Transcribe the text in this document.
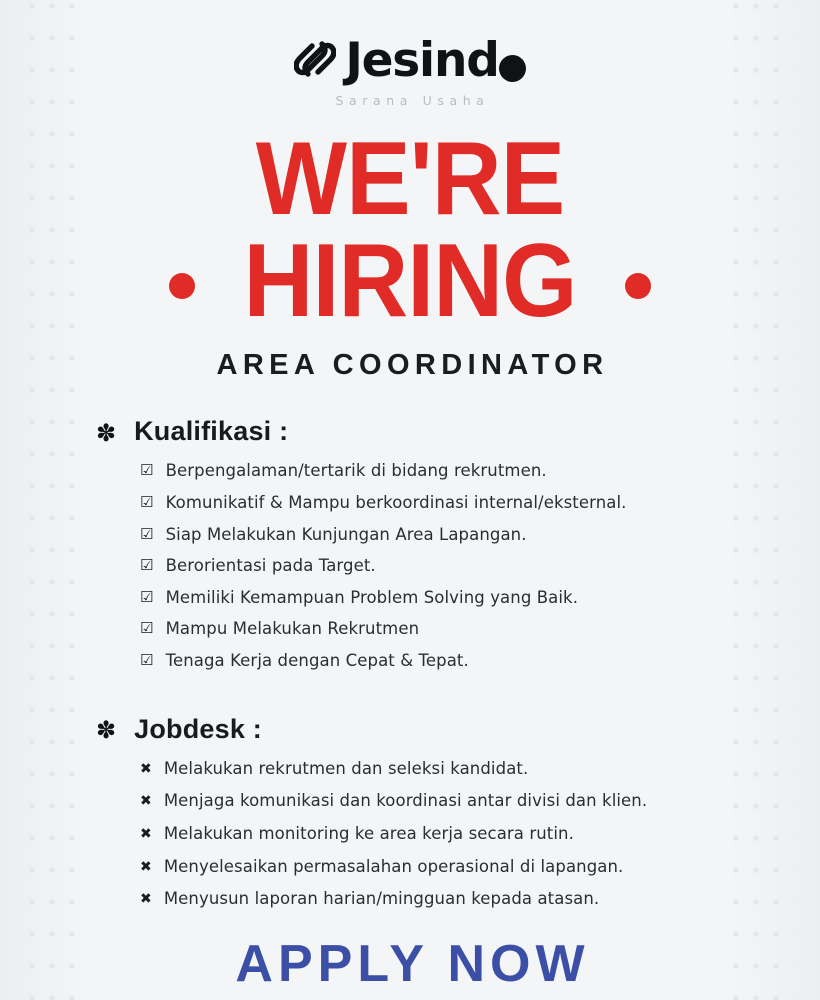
Jesind
Sarana Usaha
WE'RE
HIRING
AREA COORDINATOR
✽ Kualifikasi :
☑ Berpengalaman/tertarik di bidang rekrutmen.
☑ Komunikatif & Mampu berkoordinasi internal/eksternal.
☑ Siap Melakukan Kunjungan Area Lapangan.
☑ Berorientasi pada Target.
☑ Memiliki Kemampuan Problem Solving yang Baik.
☑ Mampu Melakukan Rekrutmen
☑ Tenaga Kerja dengan Cepat & Tepat.
✽ Jobdesk :
✖ Melakukan rekrutmen dan seleksi kandidat.
✖ Menjaga komunikasi dan koordinasi antar divisi dan klien.
✖ Melakukan monitoring ke area kerja secara rutin.
✖ Menyelesaikan permasalahan operasional di lapangan.
✖ Menyusun laporan harian/mingguan kepada atasan.
APPLY NOW
